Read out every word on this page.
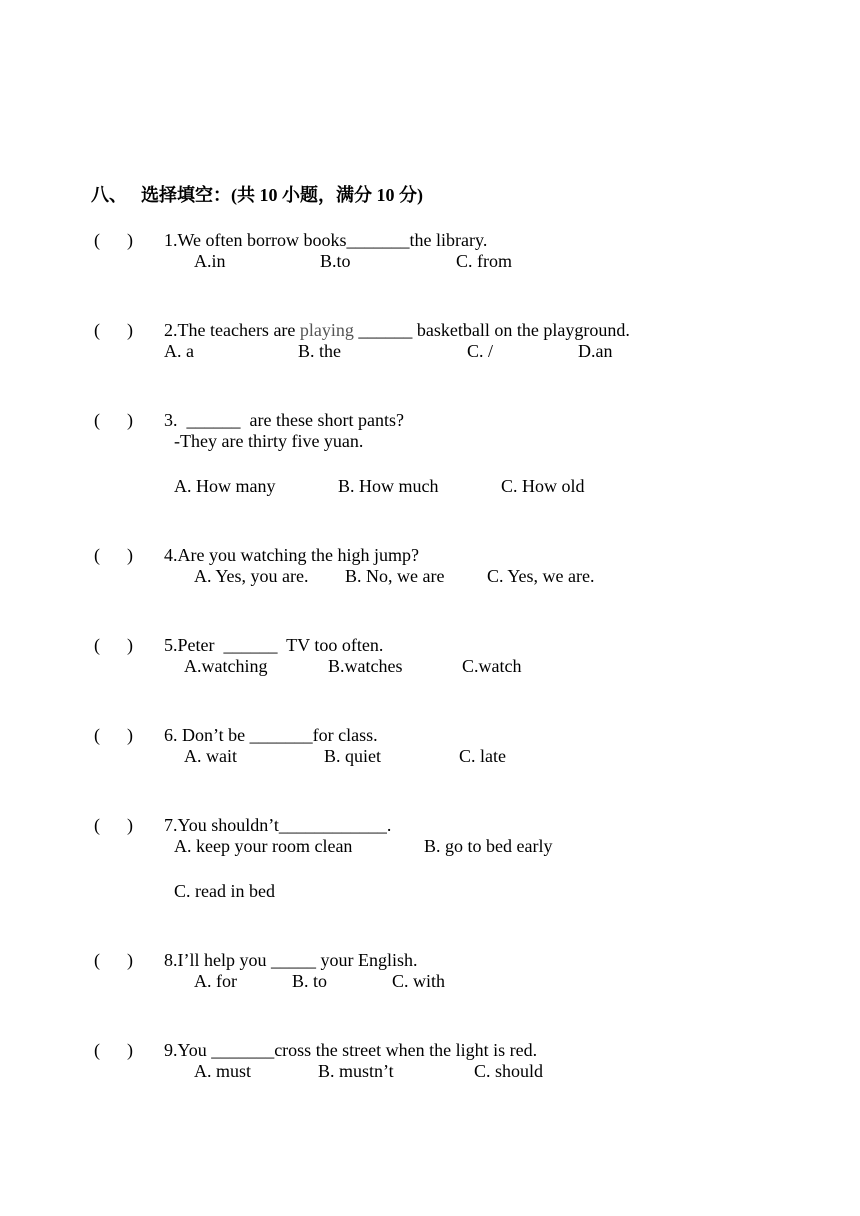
八、 选择填空：(共 10 小题，满分 10 分)

(      ) 1.We often borrow books_______the library.

A.in	B.to	C. from

(      ) 2.The teachers are playing ______ basketball on the playground.

A. a	B. the	C. /	D.an

(      ) 3.  ______  are these short pants?

-They are thirty five yuan.
A. How many	B. How much	C. How old

(      ) 4.Are you watching the high jump?

A. Yes, you are. B. No, we are C. Yes, we are.

(      ) 5.Peter  ______  TV too often.

A.watching	B.watches	C.watch

(      ) 6. Don’t be _______for class.

A. wait	B. quiet	C. late

(      ) 7.You shouldn’t____________.

A. keep your room clean	B. go to bed early
C. read in bed

(      ) 8.I’ll help you _____ your English.

A. for	B. to	C. with

(      ) 9.You _______cross the street when the light is red.

A. must	B. mustn’t	C. should
